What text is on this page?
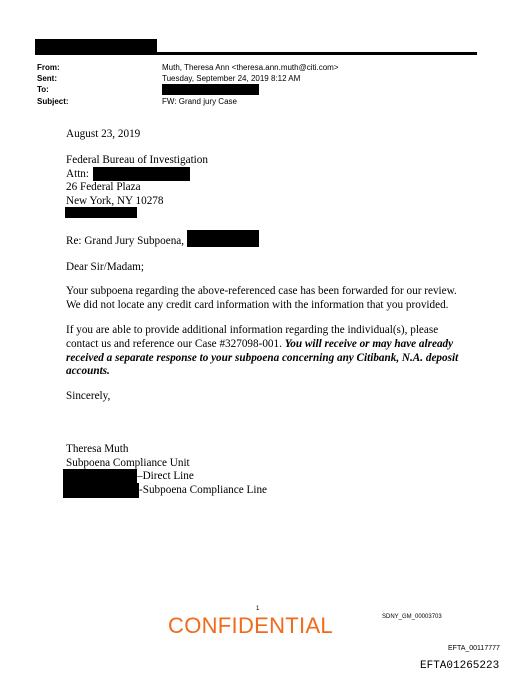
From:	Muth, Theresa Ann <theresa.ann.muth@citi.com>
Sent:	Tuesday, September 24, 2019 8:12 AM
To:
Subject:	FW: Grand jury Case
August 23, 2019
Federal Bureau of Investigation
Attn:
26 Federal Plaza
New York, NY 10278
Re: Grand Jury Subpoena,
Dear Sir/Madam;
Your subpoena regarding the above-referenced case has been forwarded for our review.
We did not locate any credit card information with the information that you provided.
If you are able to provide additional information regarding the individual(s), please
contact us and reference our Case #327098-001. You will receive or may have already
received a separate response to your subpoena concerning any Citibank, N.A. deposit
accounts.
Sincerely,
Theresa Muth
Subpoena Compliance Unit
–Direct Line
-Subpoena Compliance Line
1
SDNY_GM_00003703
CONFIDENTIAL
EFTA_00117777
EFTA01265223
